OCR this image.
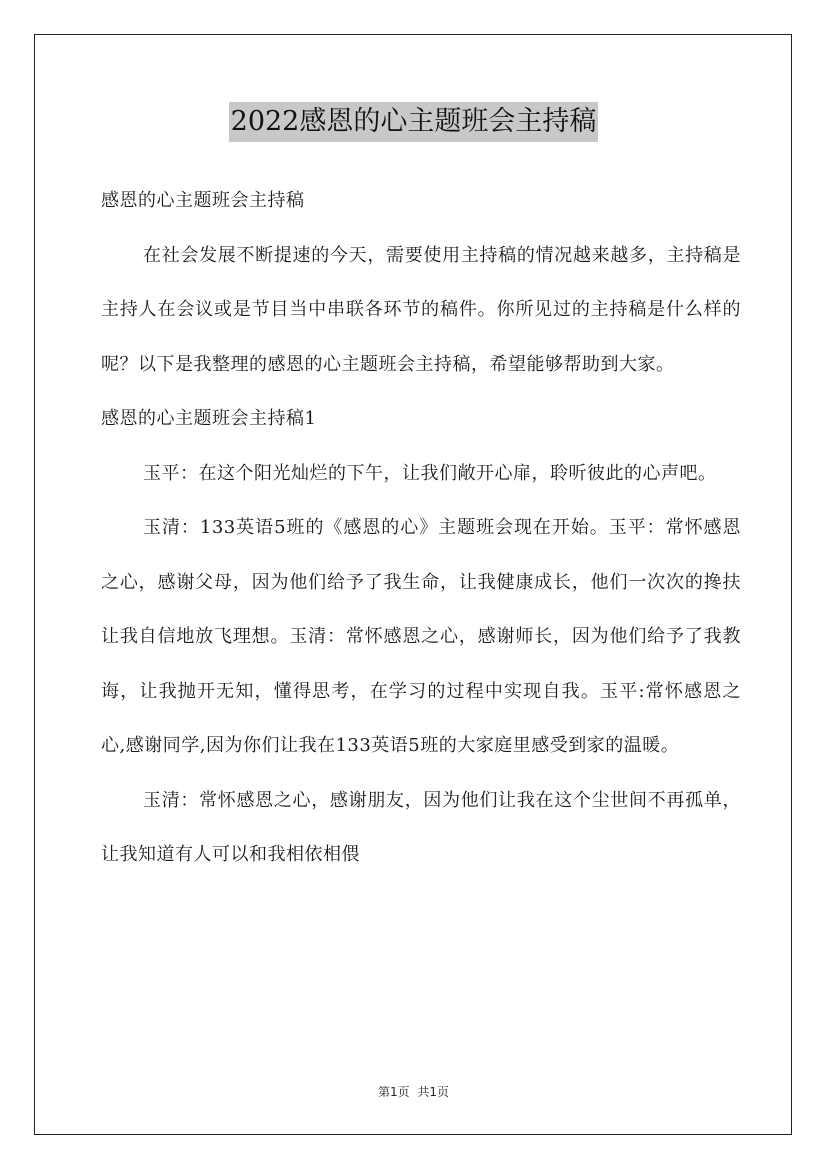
2022感恩的心主题班会主持稿

感恩的心主题班会主持稿

在社会发展不断提速的今天，需要使用主持稿的情况越来越多，主持稿是主持人在会议或是节目当中串联各环节的稿件。你所见过的主持稿是什么样的呢？以下是我整理的感恩的心主题班会主持稿，希望能够帮助到大家。

感恩的心主题班会主持稿1

玉平：在这个阳光灿烂的下午，让我们敞开心扉，聆听彼此的心声吧。

玉清：133英语5班的《感恩的心》主题班会现在开始。玉平：常怀感恩之心，感谢父母，因为他们给予了我生命，让我健康成长，他们一次次的搀扶让我自信地放飞理想。玉清：常怀感恩之心，感谢师长，因为他们给予了我教诲，让我抛开无知，懂得思考，在学习的过程中实现自我。玉平:常怀感恩之心,感谢同学,因为你们让我在133英语5班的大家庭里感受到家的温暖。

玉清：常怀感恩之心，感谢朋友，因为他们让我在这个尘世间不再孤单，让我知道有人可以和我相依相偎

第1页 共1页
